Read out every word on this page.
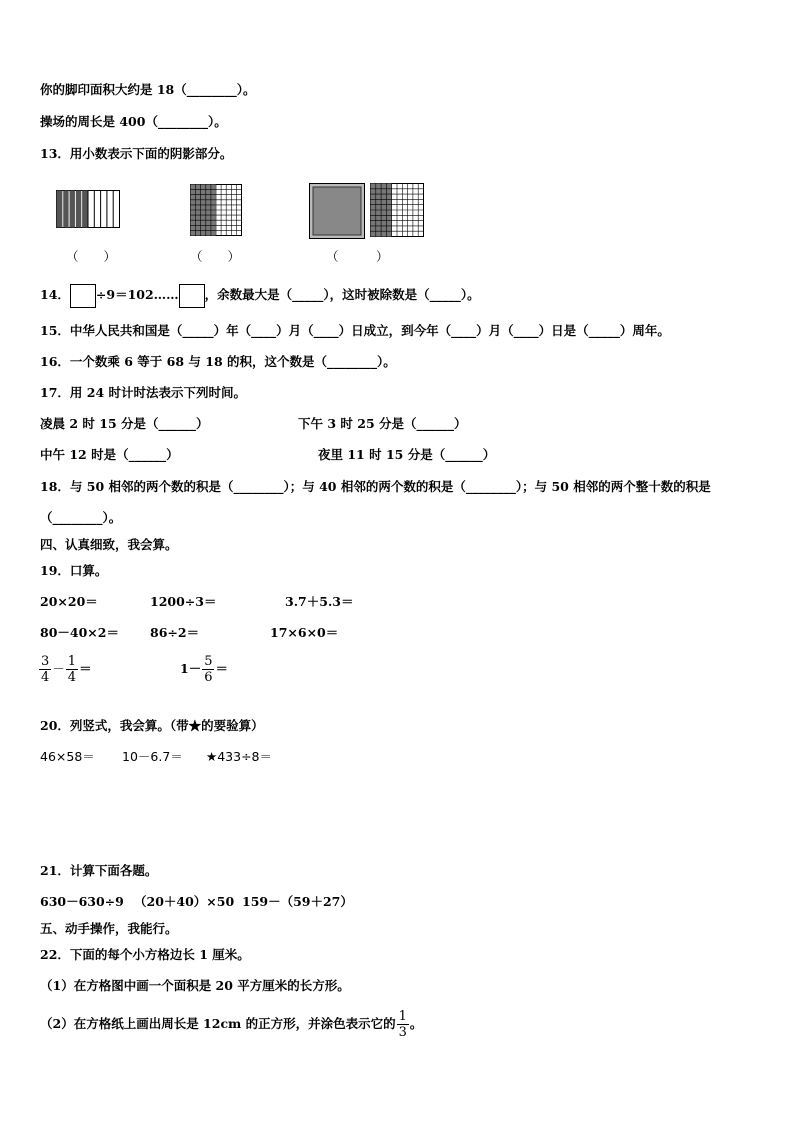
你的脚印面积大约是 18（________）。
操场的周长是 400（________）。
13．用小数表示下面的阴影部分。
（　　）	（　　）	（　　　）
14． ÷9＝102…… ，余数最大是（_____），这时被除数是（_____）。
15．中华人民共和国是（_____）年（____）月（____）日成立，到今年（____）月（____）日是（_____）周年。
16．一个数乘 6 等于 68 与 18 的积，这个数是（________）。
17．用 24 时计时法表示下列时间。
凌晨 2 时 15 分是（______）	下午 3 时 25 分是（______）
中午 12 时是（______）	夜里 11 时 15 分是（______）
18．与 50 相邻的两个数的积是（________）；与 40 相邻的两个数的积是（________）；与 50 相邻的两个整十数的积是
（________）。
四、认真细致，我会算。
19．口算。
20×20＝	1200÷3＝	3.7＋5.3＝
80－40×2＝ 86÷2＝	17×6×0＝
$\frac{3}{4} - \frac{1}{4}$ ＝	$1- \frac{5}{6}$ ＝
20．列竖式，我会算。（带★的要验算）
46×58＝ 10－6.7＝ ★433÷8＝
21．计算下面各题。
630－630÷9 （20＋40）×50 159－（59＋27）
五、动手操作，我能行。
22．下面的每个小方格边长 1 厘米。
（1）在方格图中画一个面积是 20 平方厘米的长方形。
（2）在方格纸上画出周长是 12cm 的正方形，并涂色表示它的 $\frac{1}{3}$ 。
